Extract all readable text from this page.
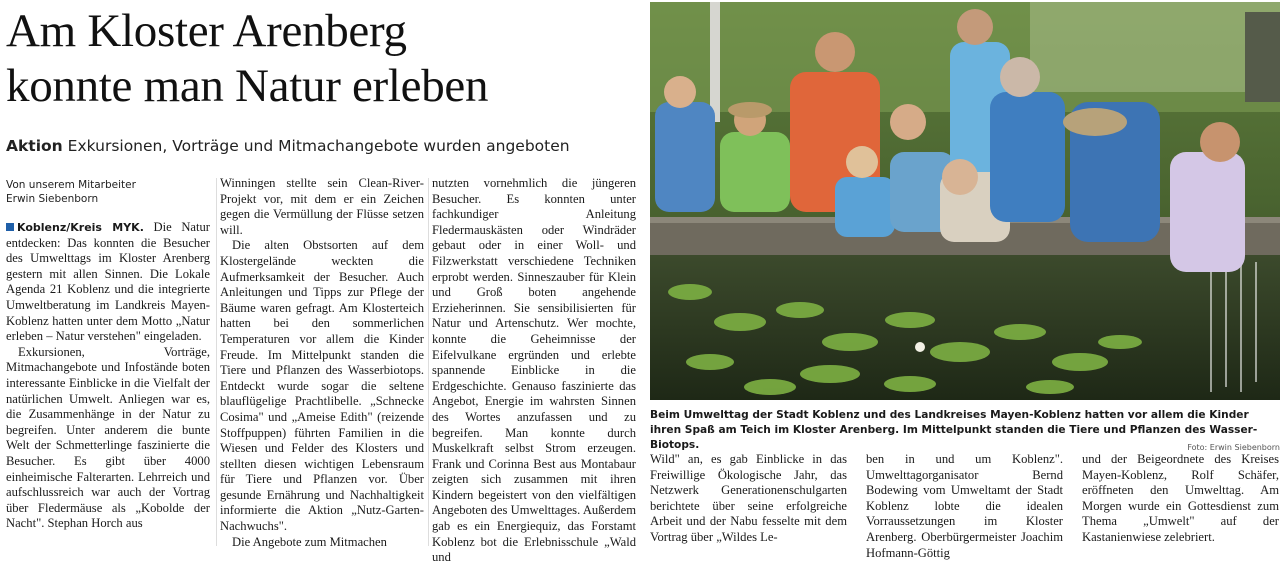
Am Kloster Arenberg
konnte man Natur erleben
Aktion Exkursionen, Vorträge und Mitmachangebote wurden angeboten
Von unserem Mitarbeiter
Erwin Siebenborn

Koblenz/Kreis MYK. Die Natur entdecken: Das konnten die Besucher des Umwelttags im Kloster Arenberg gestern mit allen Sinnen. Die Lokale Agenda 21 Koblenz und die integrierte Umweltberatung im Landkreis Mayen-Koblenz hatten unter dem Motto „Natur erleben – Natur verstehen" eingeladen.

Exkursionen, Vorträge, Mitmachangebote und Infostände boten interessante Einblicke in die Vielfalt der natürlichen Umwelt. Anliegen war es, die Zusammenhänge in der Natur zu begreifen. Unter anderem die bunte Welt der Schmetterlinge faszinierte die Besucher. Es gibt über 4000 einheimische Falterarten. Lehrreich und aufschlussreich war auch der Vortrag über Fledermäuse als „Kobolde der Nacht". Stephan Horch aus

Winningen stellte sein Clean-River-Projekt vor, mit dem er ein Zeichen gegen die Vermüllung der Flüsse setzen will.

Die alten Obstsorten auf dem Klostergelände weckten die Aufmerksamkeit der Besucher. Auch Anleitungen und Tipps zur Pflege der Bäume waren gefragt. Am Klosterteich hatten bei den sommerlichen Temperaturen vor allem die Kinder Freude. Im Mittelpunkt standen die Tiere und Pflanzen des Wasserbiotops. Entdeckt wurde sogar die seltene blauflügelige Prachtlibelle. „Schnecke Cosima" und „Ameise Edith" (reizende Stoffpuppen) führten Familien in die Wiesen und Felder des Klosters und stellten diesen wichtigen Lebensraum für Tiere und Pflanzen vor. Über gesunde Ernährung und Nachhaltigkeit informierte die Aktion „Nutz-Garten-Nachwuchs".

Die Angebote zum Mitmachen

nutzten vornehmlich die jüngeren Besucher. Es konnten unter fachkundiger Anleitung Fledermauskästen oder Windräder gebaut oder in einer Woll- und Filzwerkstatt verschiedene Techniken erprobt werden. Sinneszauber für Klein und Groß boten angehende Erzieherinnen. Sie sensibilisierten für Natur und Artenschutz. Wer mochte, konnte die Geheimnisse der Eifelvulkane ergründen und erlebte spannende Einblicke in die Erdgeschichte. Genauso faszinierte das Angebot, Energie im wahrsten Sinnen des Wortes anzufassen und zu begreifen. Man konnte durch Muskelkraft selbst Strom erzeugen. Frank und Corinna Best aus Montabaur zeigten sich zusammen mit ihren Kindern begeistert von den vielfältigen Angeboten des Umwelttages. Außerdem gab es ein Energiequiz, das Forstamt Koblenz bot die Erlebnisschule „Wald und

Beim Umwelttag der Stadt Koblenz und des Landkreises Mayen-Koblenz hatten vor allem die Kinder ihren Spaß am Teich im Kloster Arenberg. Im Mittelpunkt standen die Tiere und Pflanzen des Wasser-Biotops.	Foto: Erwin Siebenborn
Wild" an, es gab Einblicke in das Freiwillige Ökologische Jahr, das Netzwerk Generationenschulgarten berichtete über seine erfolgreiche Arbeit und der Nabu fesselte mit dem Vortrag über „Wildes Le-
ben in und um Koblenz". Umwelttagorganisator Bernd Bodewing vom Umweltamt der Stadt Koblenz lobte die idealen Vorraussetzungen im Kloster Arenberg. Oberbürgermeister Joachim Hofmann-Göttig
und der Beigeordnete des Kreises Mayen-Koblenz, Rolf Schäfer, eröffneten den Umwelttag. Am Morgen wurde ein Gottesdienst zum Thema „Umwelt" auf der Kastanienwiese zelebriert.
